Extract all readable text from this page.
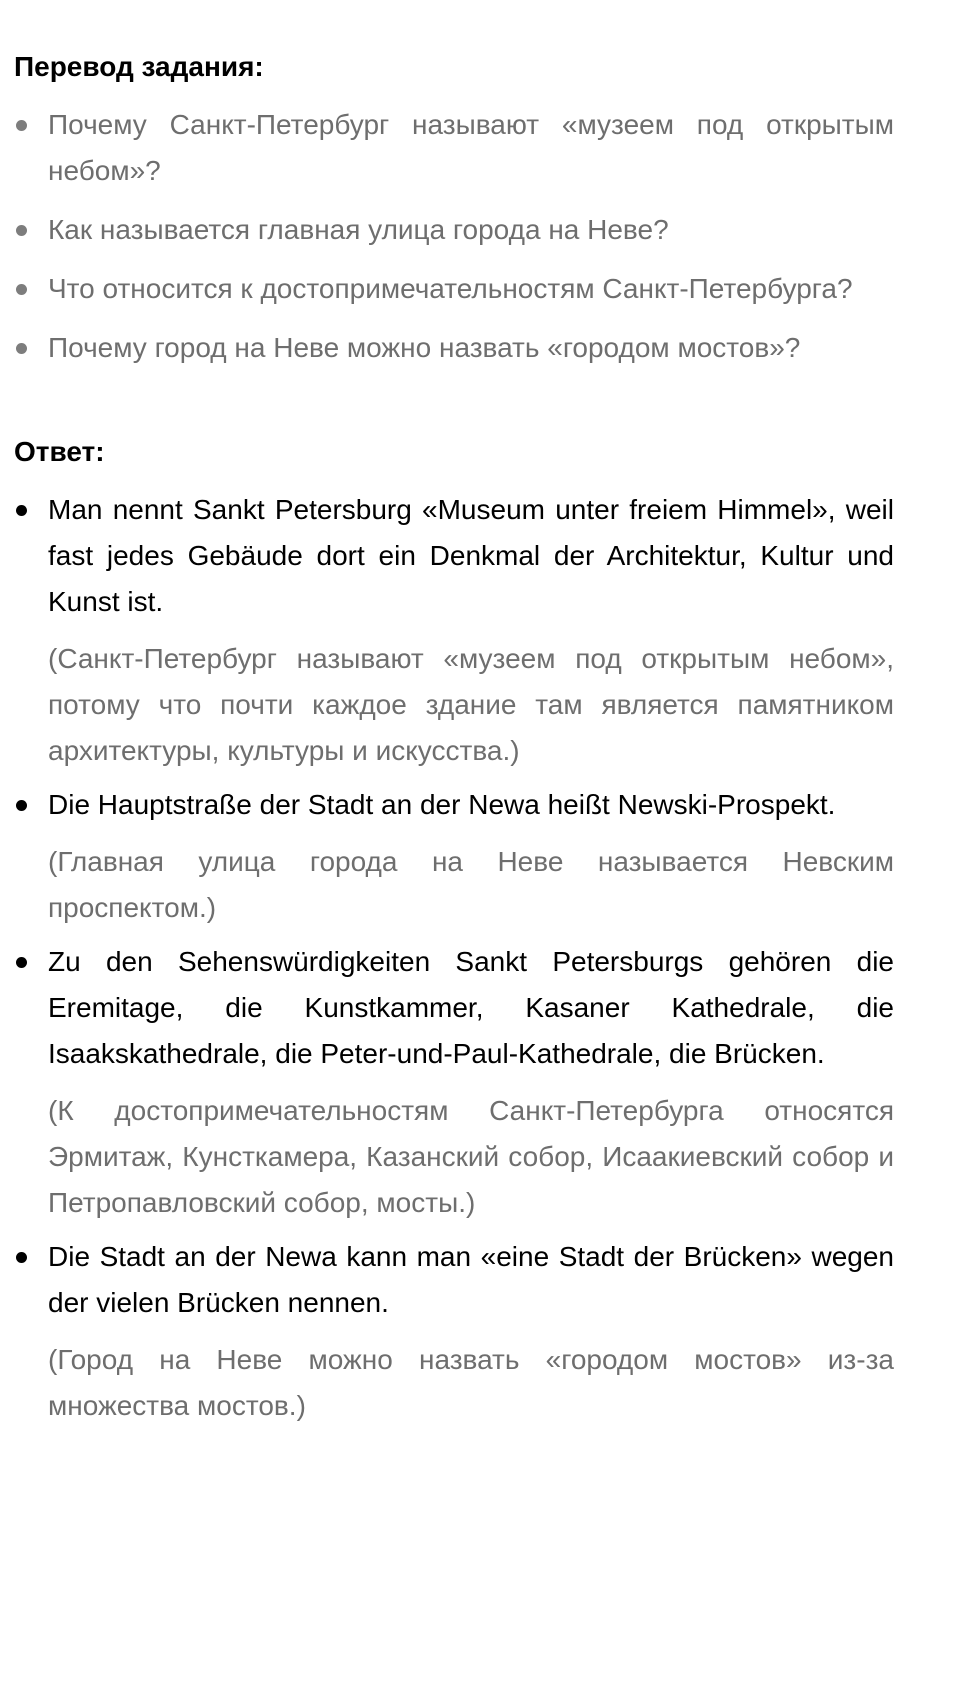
Перевод задания:
Почему Санкт-Петербург называют «музеем под открытым небом»?
Как называется главная улица города на Неве?
Что относится к достопримечательностям Санкт-Петербурга?
Почему город на Неве можно назвать «городом мостов»?
Ответ:

Man nennt Sankt Petersburg «Museum unter freiem Himmel», weil fast jedes Gebäude dort ein Denkmal der Architektur, Kultur und Kunst ist.

(Санкт-Петербург называют «музеем под открытым небом», потому что почти каждое здание там является памятником архитектуры, культуры и искусства.)

Die Hauptstraße der Stadt an der Newa heißt Newski-Prospekt.

(Главная улица города на Неве называется Невским проспектом.)

Zu den Sehenswürdigkeiten Sankt Petersburgs gehören die Eremitage, die Kunstkammer, Kasaner Kathedrale, die Isaakskathedrale, die Peter-und-Paul-Kathedrale, die Brücken.

(К достопримечательностям Санкт-Петербурга относятся Эрмитаж, Кунсткамера, Казанский собор, Исаакиевский собор и Петропавловский собор, мосты.)

Die Stadt an der Newa kann man «eine Stadt der Brücken» wegen der vielen Brücken nennen.

(Город на Неве можно назвать «городом мостов» из-за множества мостов.)
